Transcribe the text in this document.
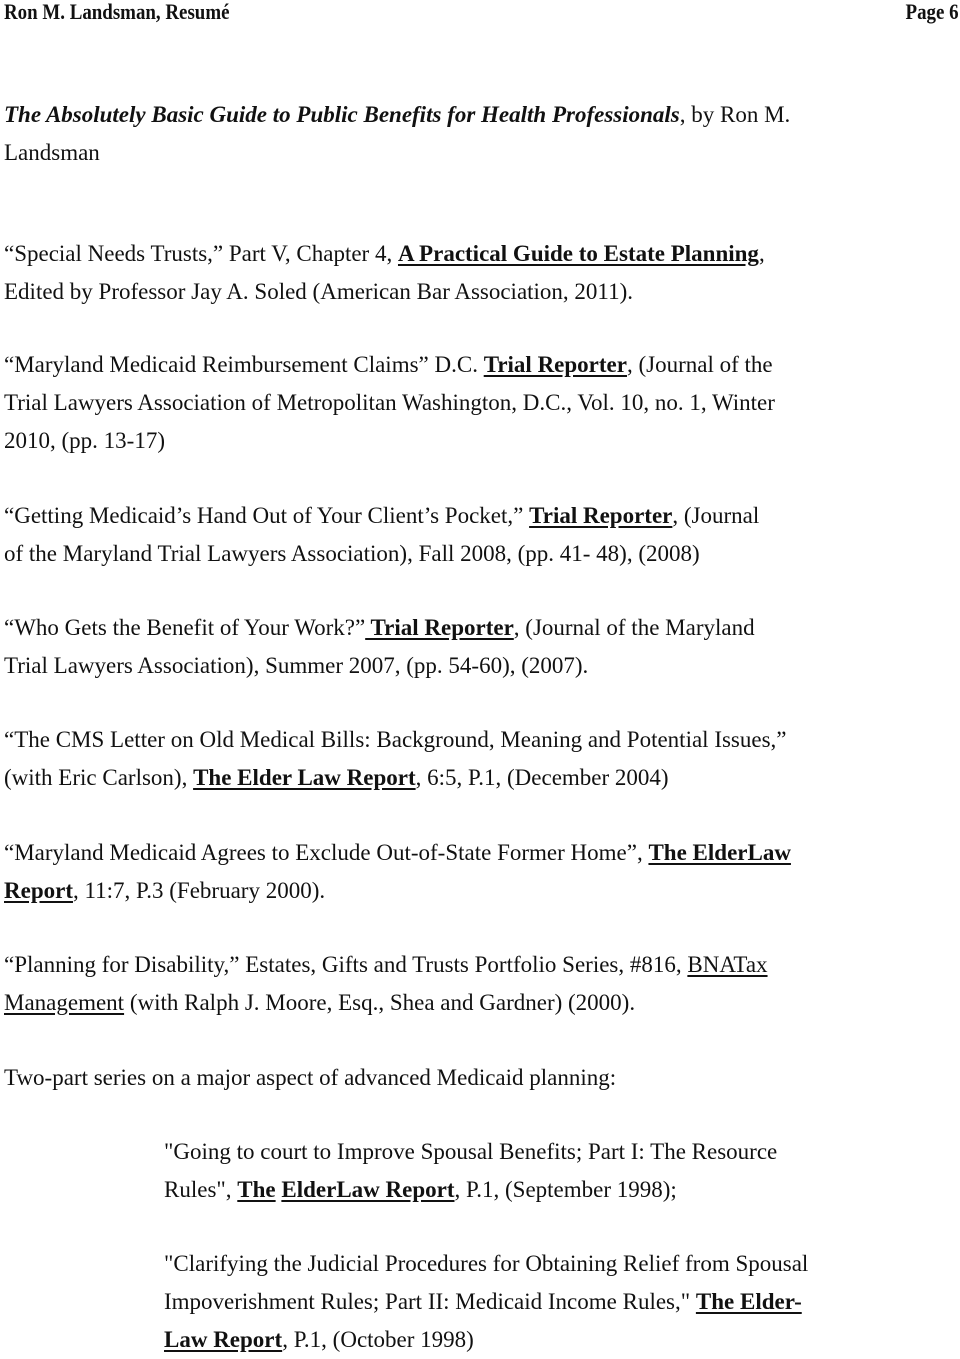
Ron M. Landsman, Resumé	Page 6
The Absolutely Basic Guide to Public Benefits for Health Professionals, by Ron M.
Landsman
“Special Needs Trusts,” Part V, Chapter 4, A Practical Guide to Estate Planning,
Edited by Professor Jay A. Soled (American Bar Association, 2011).
“Maryland Medicaid Reimbursement Claims” D.C. Trial Reporter, (Journal of the
Trial Lawyers Association of Metropolitan Washington, D.C., Vol. 10, no. 1, Winter
2010, (pp. 13-17)
“Getting Medicaid’s Hand Out of Your Client’s Pocket,” Trial Reporter, (Journal
of the Maryland Trial Lawyers Association), Fall 2008, (pp. 41- 48), (2008)
“Who Gets the Benefit of Your Work?” Trial Reporter, (Journal of the Maryland
Trial Lawyers Association), Summer 2007, (pp. 54-60), (2007).
“The CMS Letter on Old Medical Bills: Background, Meaning and Potential Issues,”
(with Eric Carlson), The Elder Law Report, 6:5, P.1, (December 2004)
“Maryland Medicaid Agrees to Exclude Out-of-State Former Home”, The ElderLaw
Report, 11:7, P.3 (February 2000).
“Planning for Disability,” Estates, Gifts and Trusts Portfolio Series, #816, BNATax
Management (with Ralph J. Moore, Esq., Shea and Gardner) (2000).
Two-part series on a major aspect of advanced Medicaid planning:
"Going to court to Improve Spousal Benefits; Part I: The Resource
Rules", The ElderLaw Report, P.1, (September 1998);
"Clarifying the Judicial Procedures for Obtaining Relief from Spousal
Impoverishment Rules; Part II: Medicaid Income Rules," The Elder-
Law Report, P.1, (October 1998)
